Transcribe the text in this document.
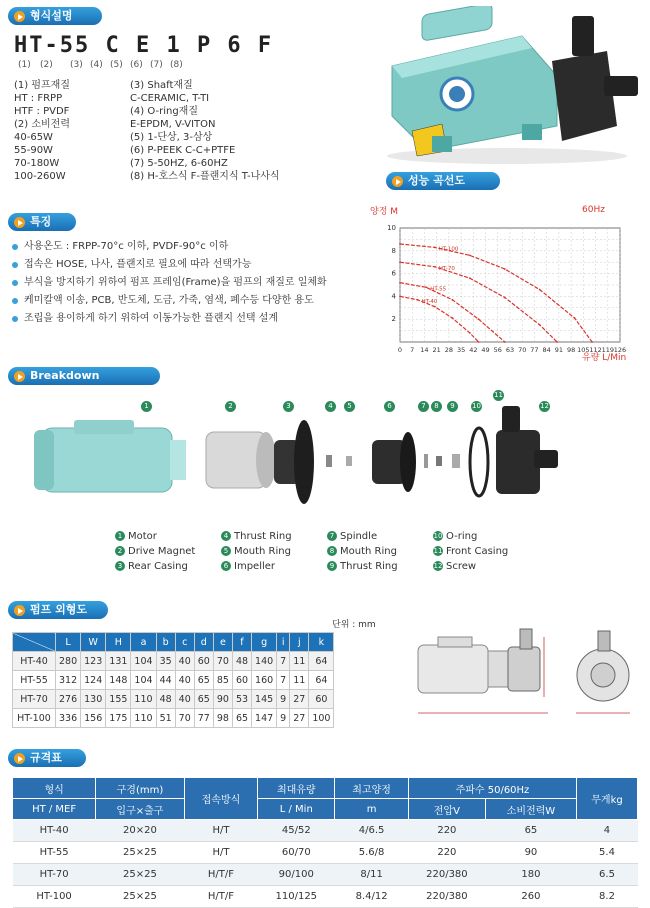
형식설명
HT-55 C E 1 P 6 F
(1) (2) (3) (4) (5) (6) (7) (8)
(1) 펌프재질
HT : FRPP
HTF : PVDF
(2) 소비전력
40-65W
55-90W
70-180W
100-260W
(3) Shaft재질
C-CERAMIC, T-TI
(4) O-ring재질
E-EPDM, V-VITON
(5) 1-단상, 3-삼상
(6) P-PEEK C-C+PTFE
(7) 5-50HZ, 6-60HZ
(8) H-호스식 F-플랜지식 T-나사식
특징
사용온도 : FRPP-70°c 이하, PVDF-90°c 이하
접속은 HOSE, 나사, 플랜지로 필요에 따라 선택가능
부식을 방지하기 위하여 펌프 프레임(Frame)을 펌프의 재질로 일체화
케미칼액 이송, PCB, 반도체, 도금, 가죽, 염색, 폐수등 다양한 용도
조립을 용이하게 하기 위하여 이동가능한 플랜지 선택 설계
성능 곡선도
양정 M	60Hz
유량 L/Min
0 7 14 21 28 35 42 49 56 63 70 77 84 91 98 105 112 119 126
2
4
6
8
10
HT-100
HT-70
HT-55
HT-40
Breakdown Drawing
1	2	3	4	5	6	7	8	9	10
11
12
1 Motor
2 Drive Magnet
3 Rear Casing
4 Thrust Ring
5 Mouth Ring
6 Impeller
7 Spindle
8 Mouth Ring
9 Thrust Ring
10 O-ring
11 Front Casing
12 Screw
펌프 외형도
단위 : mm
	L	W	H	a	b	c	d	e	f	g	i	j	k
HT-40	280	123	131	104	35	40	60	70	48	140	7	11	64
HT-55	312	124	148	104	44	40	65	85	60	160	7	11	64
HT-70	276	130	155	110	48	40	65	90	53	145	9	27	60
HT-100	336	156	175	110	51	70	77	98	65	147	9	27	100
규격표
형식	구경(mm)	접속방식	최대유량	최고양정	주파수 50/60Hz		무게kg
HT / MEF	입구×출구		L / Min	m	전압V	소비전력W	
HT-40	20×20	H/T	45/52	4/6.5	220	65	4
HT-55	25×25	H/T	60/70	5.6/8	220	90	5.4
HT-70	25×25	H/T/F	90/100	8/11	220/380	180	6.5
HT-100	25×25	H/T/F	110/125	8.4/12	220/380	260	8.2
